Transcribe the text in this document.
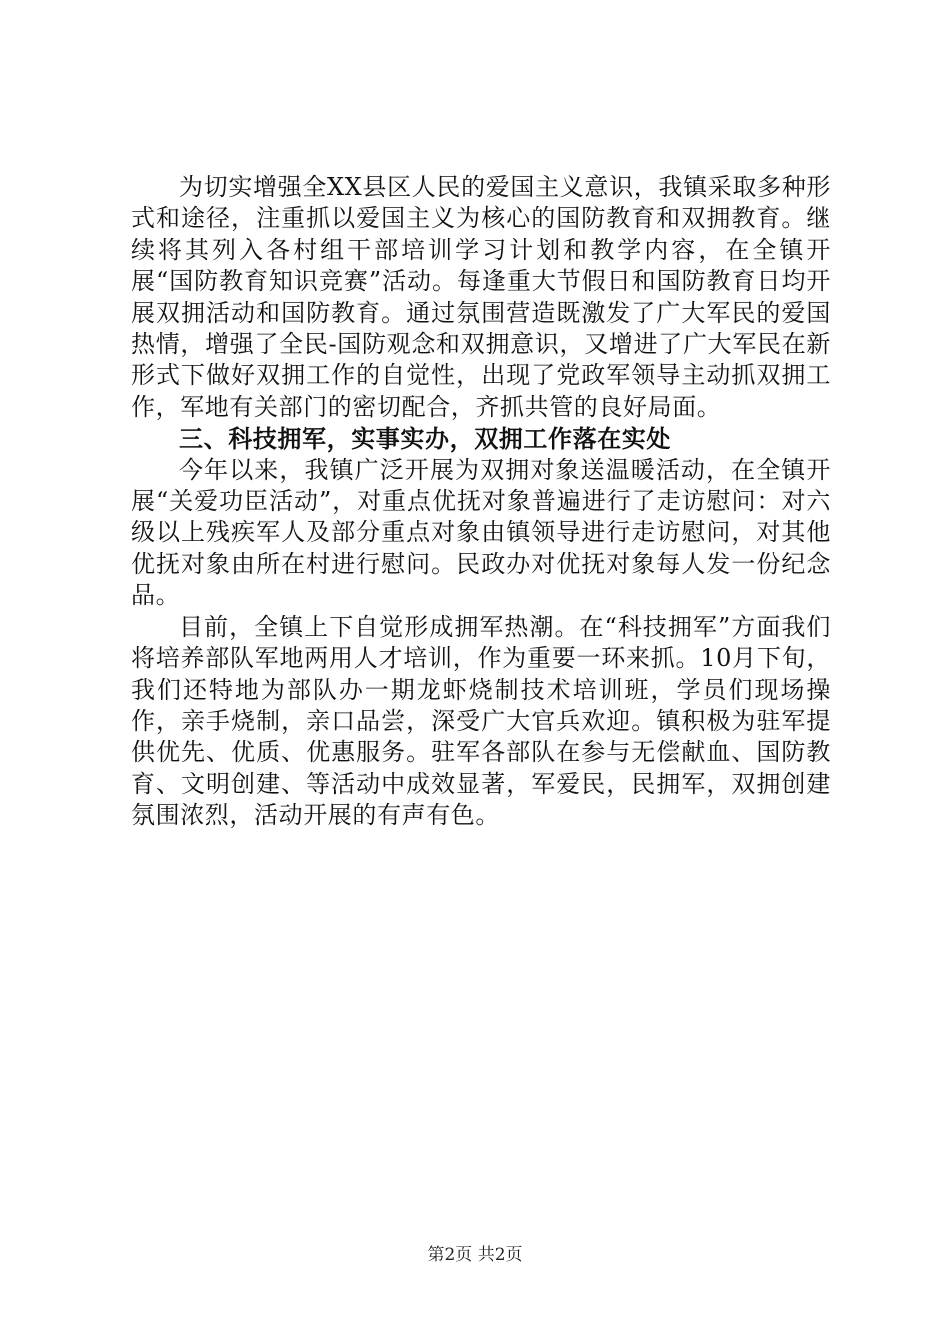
为切实增强全XX县区人民的爱国主义意识，我镇采取多种形式和途径，注重抓以爱国主义为核心的国防教育和双拥教育。继续将其列入各村组干部培训学习计划和教学内容，在全镇开展“国防教育知识竞赛”活动。每逢重大节假日和国防教育日均开展双拥活动和国防教育。通过氛围营造既激发了广大军民的爱国热情，增强了全民-国防观念和双拥意识，又增进了广大军民在新形式下做好双拥工作的自觉性，出现了党政军领导主动抓双拥工作，军地有关部门的密切配合，齐抓共管的良好局面。

三、科技拥军，实事实办，双拥工作落在实处

今年以来，我镇广泛开展为双拥对象送温暖活动，在全镇开展“关爱功臣活动”，对重点优抚对象普遍进行了走访慰问：对六级以上残疾军人及部分重点对象由镇领导进行走访慰问，对其他优抚对象由所在村进行慰问。民政办对优抚对象每人发一份纪念品。

目前，全镇上下自觉形成拥军热潮。在“科技拥军”方面我们将培养部队军地两用人才培训，作为重要一环来抓。10月下旬，我们还特地为部队办一期龙虾烧制技术培训班，学员们现场操作，亲手烧制，亲口品尝，深受广大官兵欢迎。镇积极为驻军提供优先、优质、优惠服务。驻军各部队在参与无偿献血、国防教育、文明创建、等活动中成效显著，军爱民，民拥军，双拥创建氛围浓烈，活动开展的有声有色。

第2页 共2页
